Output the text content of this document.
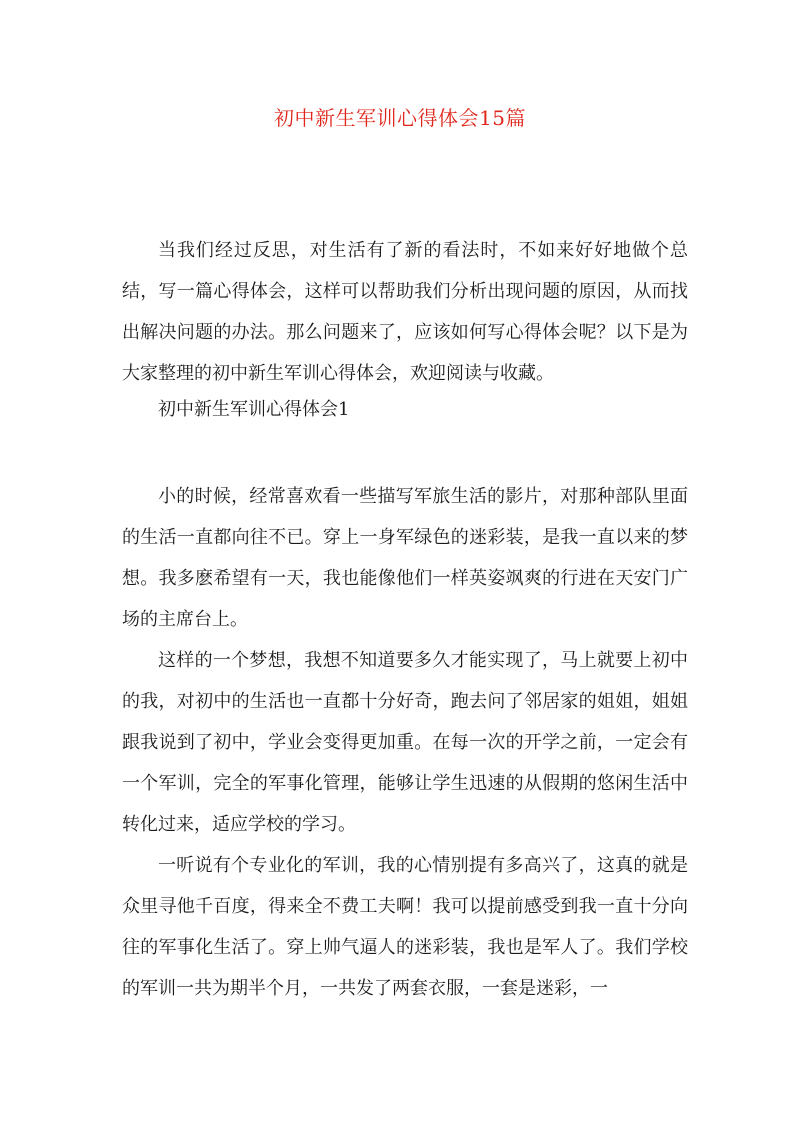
初中新生军训心得体会15篇

当我们经过反思，对生活有了新的看法时，不如来好好地做个总结，写一篇心得体会，这样可以帮助我们分析出现问题的原因，从而找出解决问题的办法。那么问题来了，应该如何写心得体会呢？以下是为大家整理的初中新生军训心得体会，欢迎阅读与收藏。

初中新生军训心得体会1

小的时候，经常喜欢看一些描写军旅生活的影片，对那种部队里面的生活一直都向往不已。穿上一身军绿色的迷彩装，是我一直以来的梦想。我多麽希望有一天，我也能像他们一样英姿飒爽的行进在天安门广场的主席台上。

这样的一个梦想，我想不知道要多久才能实现了，马上就要上初中的我，对初中的生活也一直都十分好奇，跑去问了邻居家的姐姐，姐姐跟我说到了初中，学业会变得更加重。在每一次的开学之前，一定会有一个军训，完全的军事化管理，能够让学生迅速的从假期的悠闲生活中转化过来，适应学校的学习。

一听说有个专业化的军训，我的心情别提有多高兴了，这真的就是众里寻他千百度，得来全不费工夫啊！我可以提前感受到我一直十分向往的军事化生活了。穿上帅气逼人的迷彩装，我也是军人了。我们学校的军训一共为期半个月，一共发了两套衣服，一套是迷彩，一
